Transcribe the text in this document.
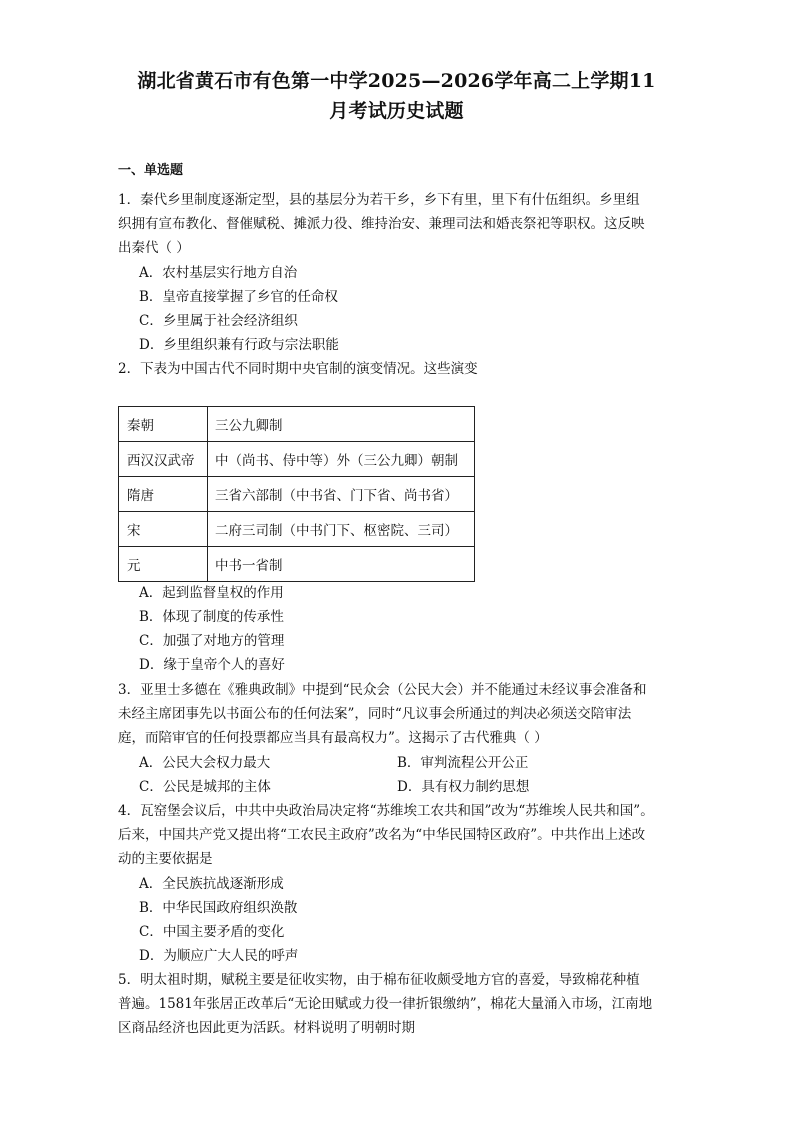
湖北省黄石市有色第一中学2025—2026学年高二上学期11
月考试历史试题
一、单选题
1．秦代乡里制度逐渐定型，县的基层分为若干乡，乡下有里，里下有什伍组织。乡里组
织拥有宣布教化、督催赋税、摊派力役、维持治安、兼理司法和婚丧祭祀等职权。这反映
出秦代（ ）
A．农村基层实行地方自治
B．皇帝直接掌握了乡官的任命权
C．乡里属于社会经济组织
D．乡里组织兼有行政与宗法职能
2．下表为中国古代不同时期中央官制的演变情况。这些演变
秦朝	三公九卿制
西汉汉武帝	中（尚书、侍中等）外（三公九卿）朝制
隋唐	三省六部制（中书省、门下省、尚书省）
宋	二府三司制（中书门下、枢密院、三司）
元	中书一省制
A．起到监督皇权的作用
B．体现了制度的传承性
C．加强了对地方的管理
D．缘于皇帝个人的喜好
3．亚里士多德在《雅典政制》中提到“民众会（公民大会）并不能通过未经议事会准备和
未经主席团事先以书面公布的任何法案”，同时“凡议事会所通过的判决必须送交陪审法
庭，而陪审官的任何投票都应当具有最高权力”。这揭示了古代雅典（ ）
A．公民大会权力最大	B．审判流程公开公正
C．公民是城邦的主体	D．具有权力制约思想
4．瓦窑堡会议后，中共中央政治局决定将“苏维埃工农共和国”改为“苏维埃人民共和国”。
后来，中国共产党又提出将“工农民主政府”改名为“中华民国特区政府”。中共作出上述改
动的主要依据是
A．全民族抗战逐渐形成
B．中华民国政府组织涣散
C．中国主要矛盾的变化
D．为顺应广大人民的呼声
5．明太祖时期，赋税主要是征收实物，由于棉布征收颇受地方官的喜爱，导致棉花种植
普遍。1581年张居正改革后“无论田赋或力役一律折银缴纳”，棉花大量涌入市场，江南地
区商品经济也因此更为活跃。材料说明了明朝时期
